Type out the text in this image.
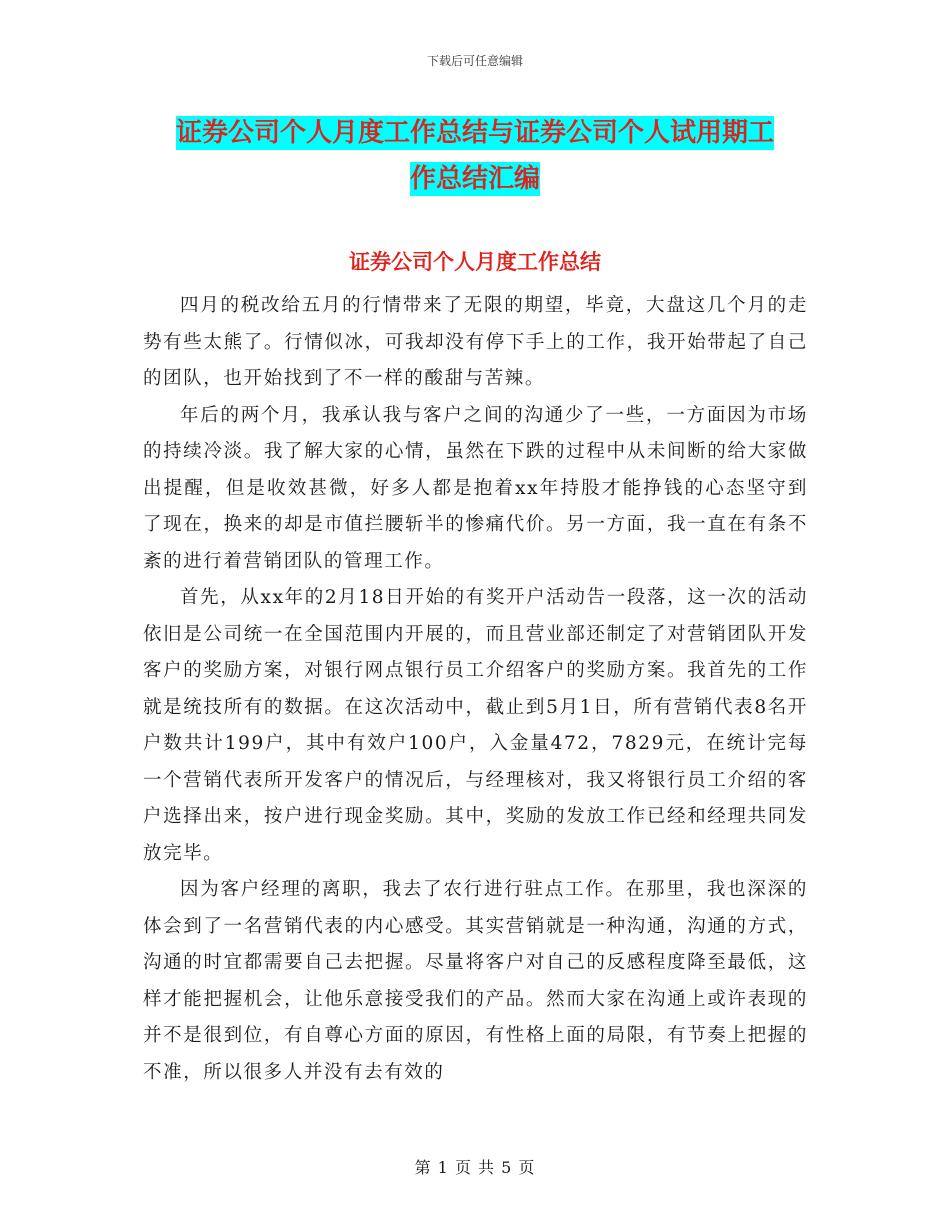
下载后可任意编辑
证券公司个人月度工作总结与证券公司个人试用期工
作总结汇编
证券公司个人月度工作总结

四月的税改给五月的行情带来了无限的期望，毕竟，大盘这几个月的走势有些太熊了。行情似冰，可我却没有停下手上的工作，我开始带起了自己的团队，也开始找到了不一样的酸甜与苦辣。

年后的两个月，我承认我与客户之间的沟通少了一些，一方面因为市场的持续冷淡。我了解大家的心情，虽然在下跌的过程中从未间断的给大家做出提醒，但是收效甚微，好多人都是抱着xx年持股才能挣钱的心态坚守到了现在，换来的却是市值拦腰斩半的惨痛代价。另一方面，我一直在有条不紊的进行着营销团队的管理工作。

首先，从xx年的2月18日开始的有奖开户活动告一段落，这一次的活动依旧是公司统一在全国范围内开展的，而且营业部还制定了对营销团队开发客户的奖励方案，对银行网点银行员工介绍客户的奖励方案。我首先的工作就是统技所有的数据。在这次活动中，截止到5月1日，所有营销代表8名开户数共计199户，其中有效户100户，入金量472，7829元，在统计完每一个营销代表所开发客户的情况后，与经理核对，我又将银行员工介绍的客户选择出来，按户进行现金奖励。其中，奖励的发放工作已经和经理共同发放完毕。

因为客户经理的离职，我去了农行进行驻点工作。在那里，我也深深的体会到了一名营销代表的内心感受。其实营销就是一种沟通，沟通的方式，沟通的时宜都需要自己去把握。尽量将客户对自己的反感程度降至最低，这样才能把握机会，让他乐意接受我们的产品。然而大家在沟通上或许表现的并不是很到位，有自尊心方面的原因，有性格上面的局限，有节奏上把握的不准，所以很多人并没有去有效的

第 1 页 共 5 页
